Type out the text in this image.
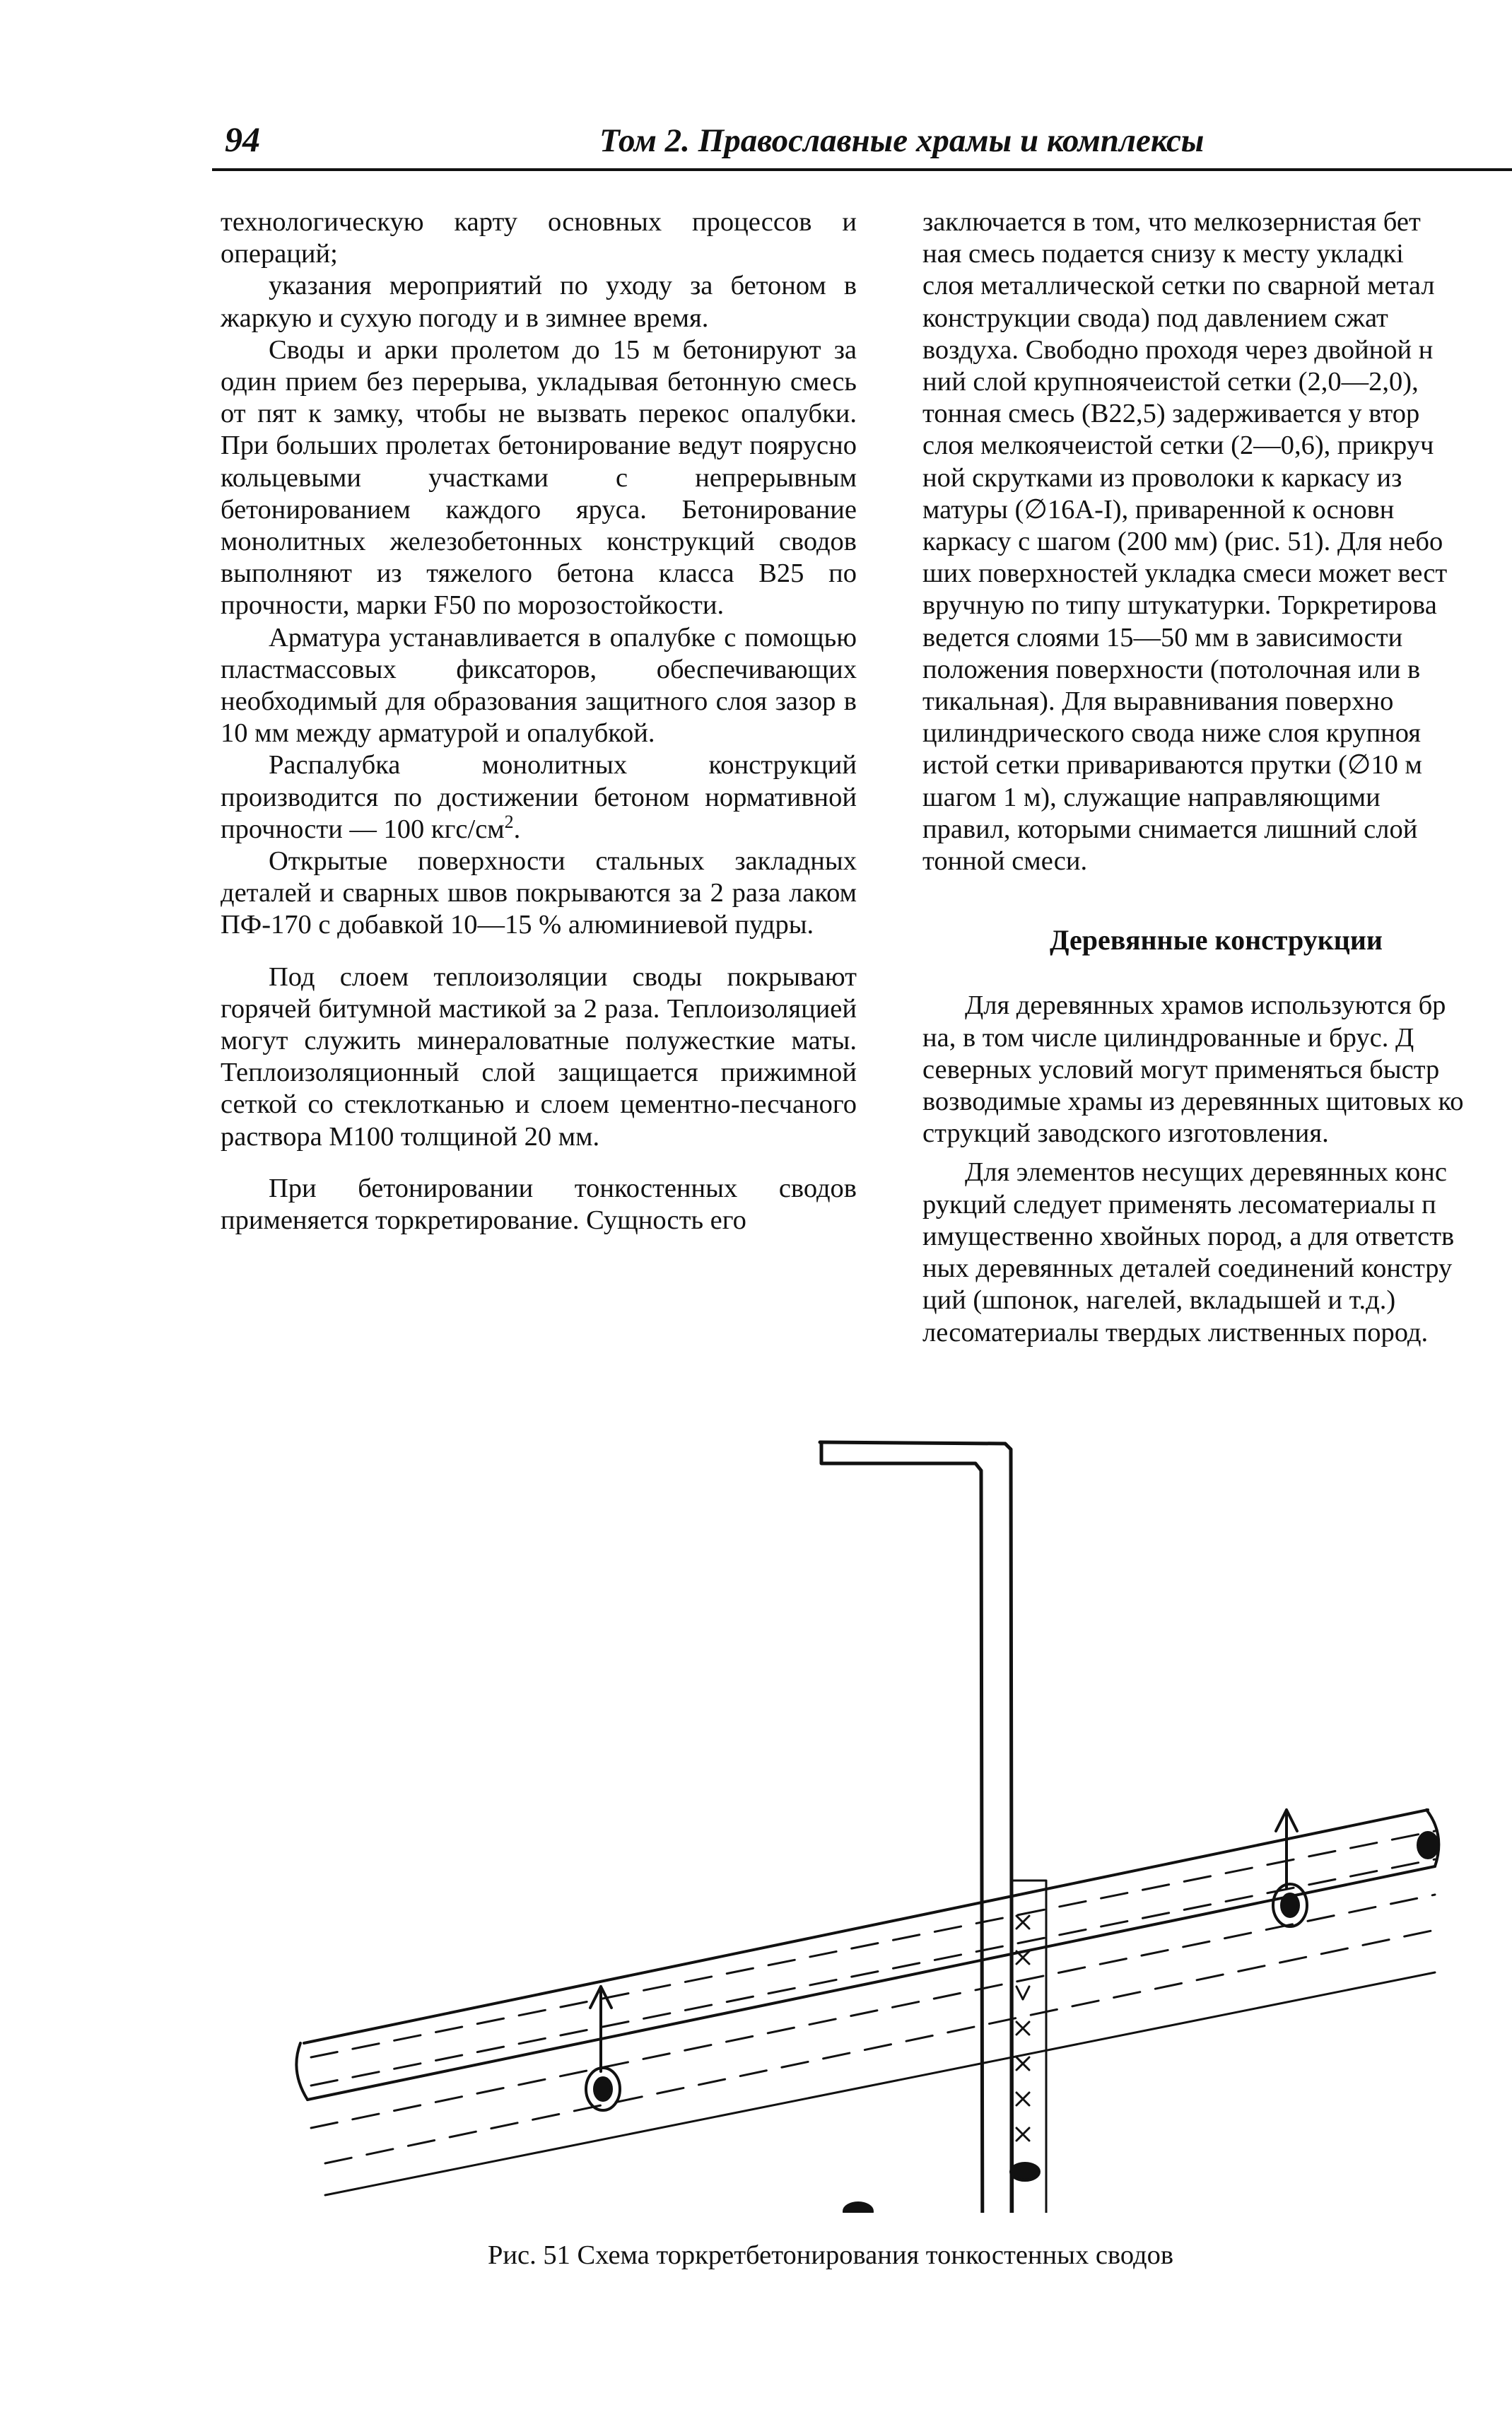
94	Том 2. Православные храмы и комплексы

технологическую карту основных процессов и операций;

указания мероприятий по уходу за бетоном в жаркую и сухую погоду и в зимнее время.

Своды и арки пролетом до 15 м бетонируют за один прием без перерыва, укладывая бетонную смесь от пят к замку, чтобы не вызвать перекос опалубки. При больших пролетах бетонирование ведут поярусно кольцевыми участками с непрерывным бетонированием каждого яруса. Бетонирование монолитных железобетонных конструкций сводов выполняют из тяжелого бетона класса В25 по прочности, марки F50 по морозостойкости.

Арматура устанавливается в опалубке с помощью пластмассовых фиксаторов, обеспечивающих необходимый для образования защитного слоя зазор в 10 мм между арматурой и опалубкой.

Распалубка монолитных конструкций производится по достижении бетоном нормативной прочности — 100 кгс/$см^2$.

Открытые поверхности стальных закладных деталей и сварных швов покрываются за 2 раза лаком ПФ-170 с добавкой 10—15 % алюминиевой пудры.

Под слоем теплоизоляции своды покрывают горячей битумной мастикой за 2 раза. Теплоизоляцией могут служить минераловатные полужесткие маты. Теплоизоляционный слой защищается прижимной сеткой со стеклотканью и слоем цементно-песчаного раствора М100 толщиной 20 мм.

При бетонировании тонкостенных сводов применяется торкретирование. Сущность его

заключается в том, что мелкозернистая бет
ная смесь подается снизу к месту укладкі
слоя металлической сетки по сварной метал
конструкции свода) под давлением сжат
воздуха. Свободно проходя через двойной н
ний слой крупноячеистой сетки (2,0—2,0),
тонная смесь (В22,5) задерживается у втор
слоя мелкоячеистой сетки (2—0,6), прикруч
ной скрутками из проволоки к каркасу из
матуры (∅16А-I), приваренной к основн
каркасу с шагом (200 мм) (рис. 51). Для небо
ших поверхностей укладка смеси может вест
вручную по типу штукатурки. Торкретирова
ведется слоями 15—50 мм в зависимости
положения поверхности (потолочная или в
тикальная). Для выравнивания поверхно
цилиндрического свода ниже слоя крупноя
истой сетки привариваются прутки (∅10 м
шагом 1 м), служащие направляющими
правил, которыми снимается лишний слой
тонной смеси.
Деревянные конструкции
Для деревянных храмов используются бр
на, в том числе цилиндрованные и брус. Д
северных условий могут применяться быстр
возводимые храмы из деревянных щитовых ко
струкций заводского изготовления.
Для элементов несущих деревянных конс
рукций следует применять лесоматериалы п
имущественно хвойных пород, а для ответств
ных деревянных деталей соединений констру
ций (шпонок, нагелей, вкладышей и т.д.)
лесоматериалы твердых лиственных пород.
Рис. 51 Схема торкретбетонирования тонкостенных сводов
